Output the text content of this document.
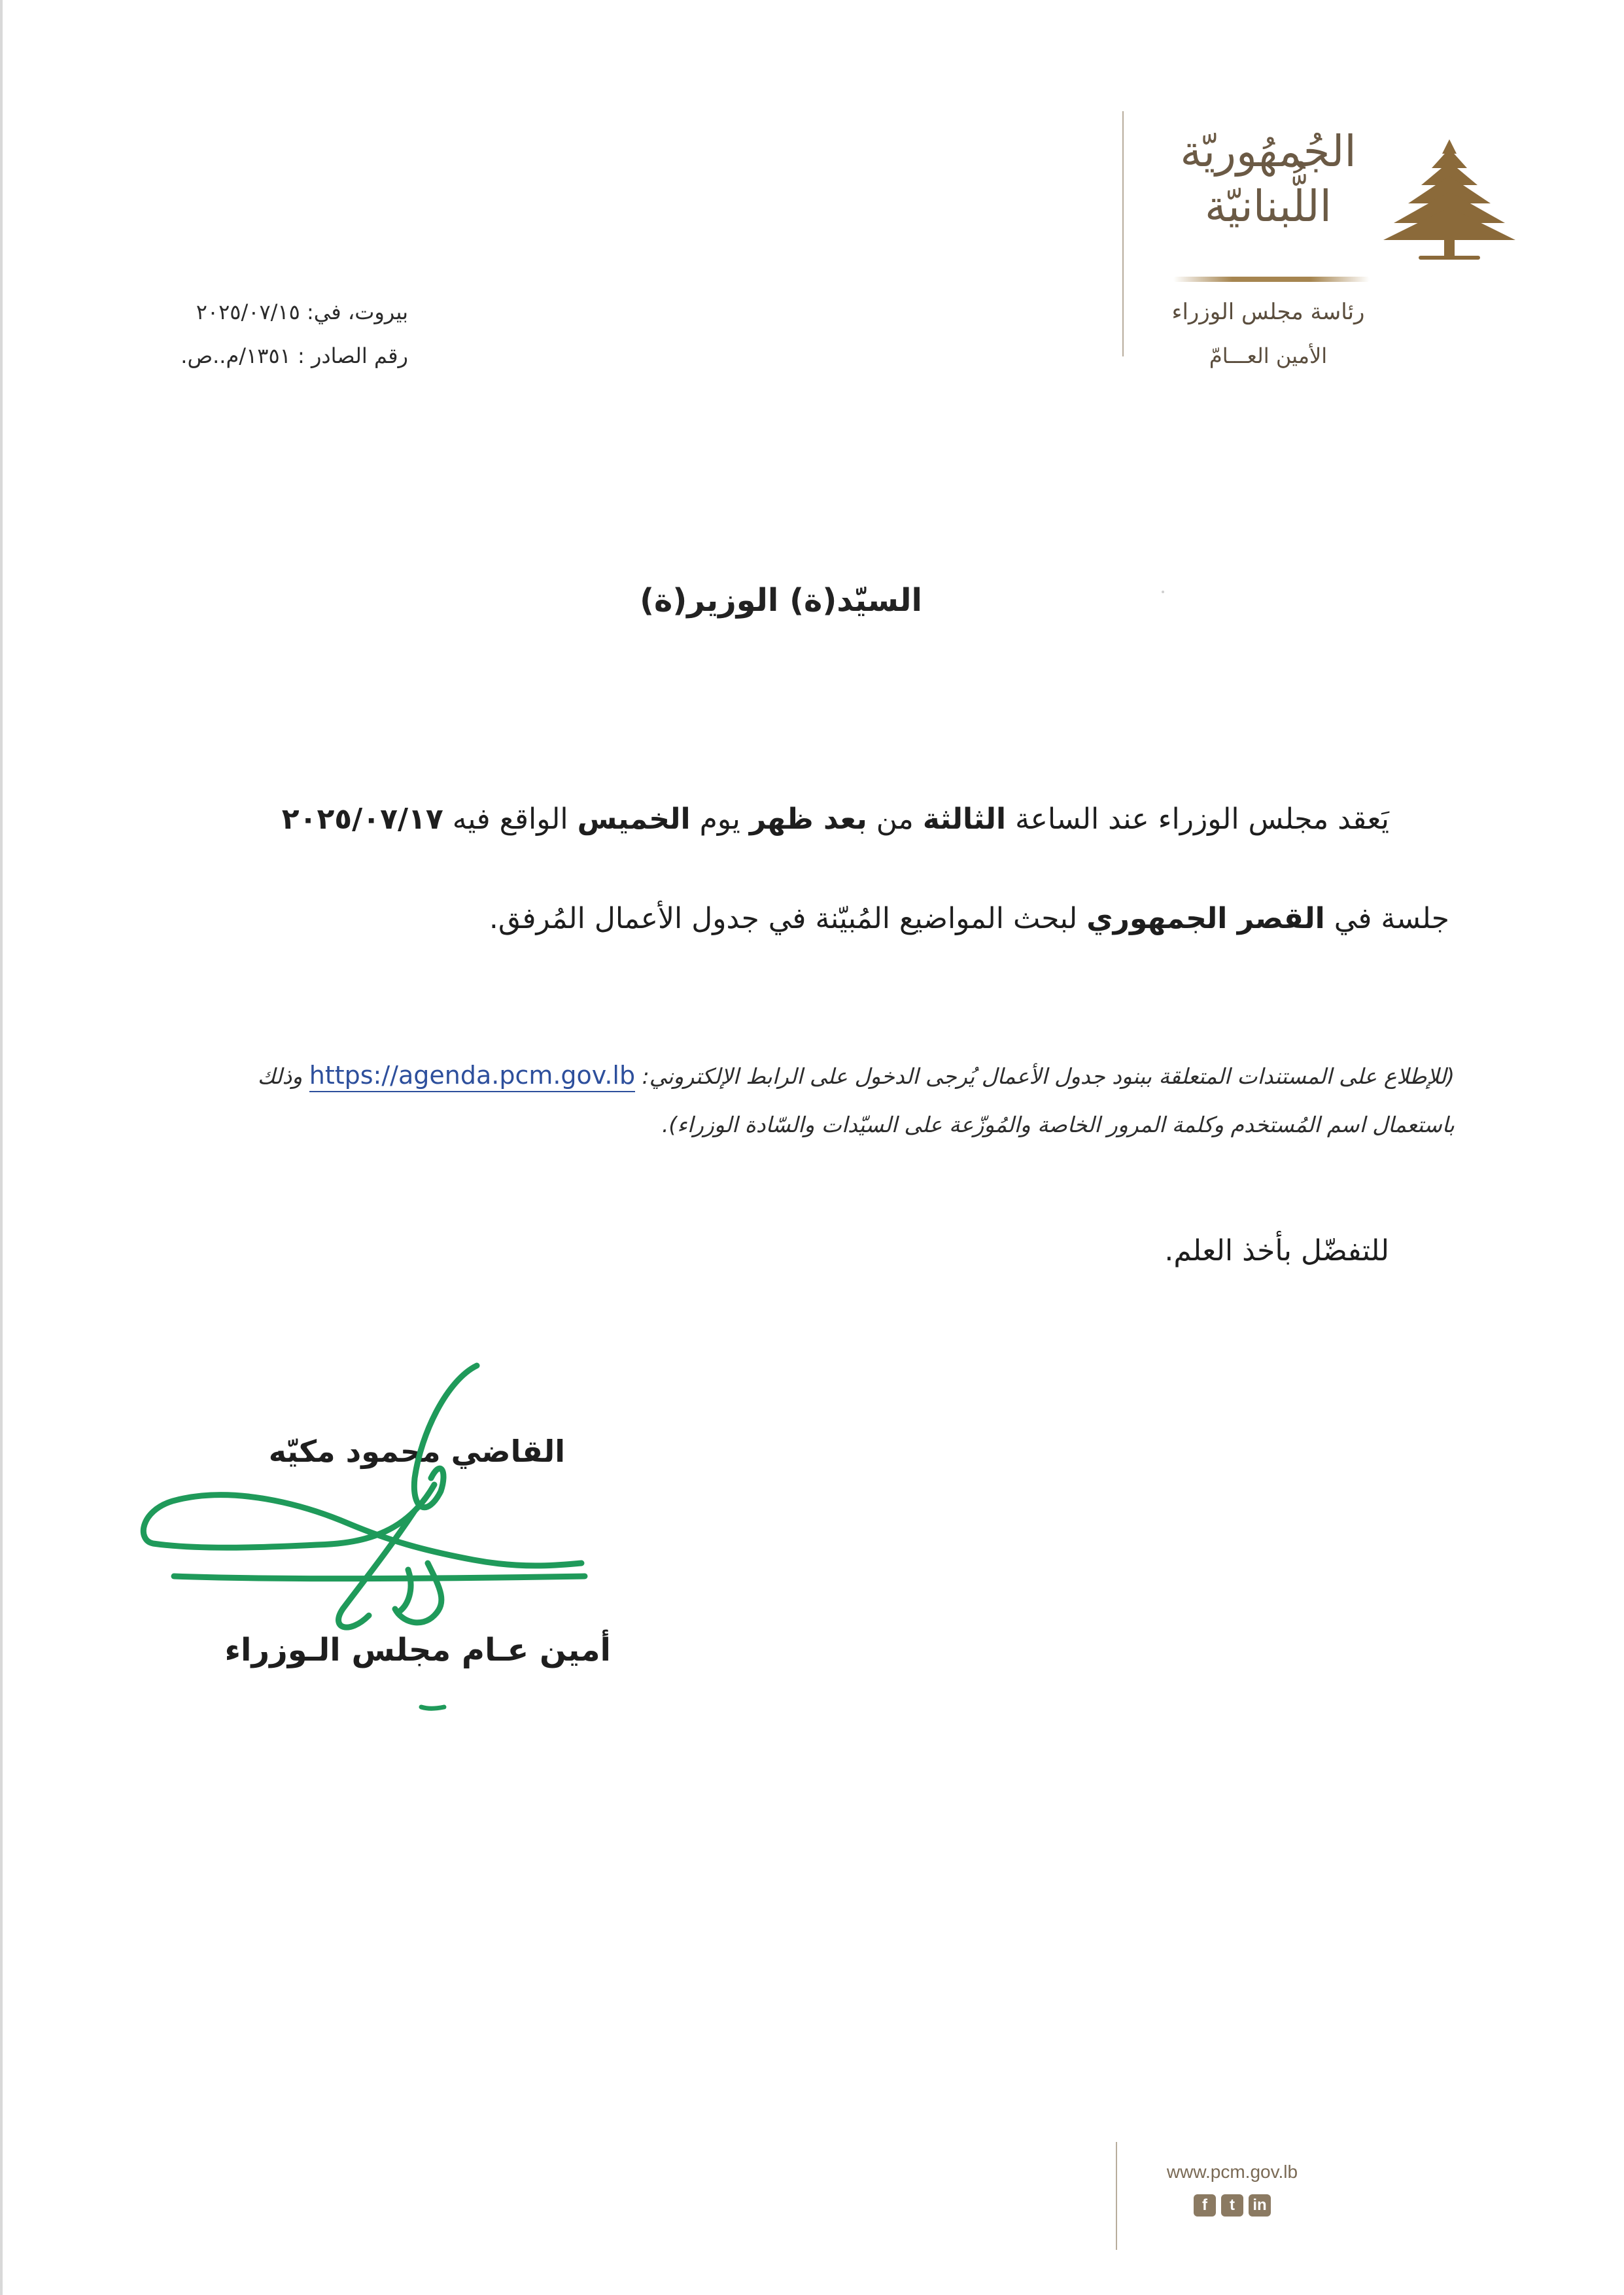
الجُمهُوريّة
اللُّبنانيّة
رئاسة مجلس الوزراء
الأمين العـــامّ
بيروت، في: ٢٠٢٥/٠٧/١٥
رقم الصادر : ١٣٥١/م..ص.
السيّد(ة) الوزير(ة)
يَعقد مجلس الوزراء عند الساعة الثالثة من بعد ظهر يوم الخميس الواقع فيه ٢٠٢٥/٠٧/١٧
جلسة في القصر الجمهوري لبحث المواضيع المُبيّنة في جدول الأعمال المُرفق.
(للإطلاع على المستندات المتعلقة ببنود جدول الأعمال يُرجى الدخول على الرابط الإلكتروني: https://agenda.pcm.gov.lb وذلك
باستعمال اسم المُستخدم وكلمة المرور الخاصة والمُوزّعة على السيّدات والسّادة الوزراء).
للتفضّل بأخذ العلم.
القاضي محمود مكيّه
أمين عـام مجلس الـوزراء
www.pcm.gov.lb
f	t	in
